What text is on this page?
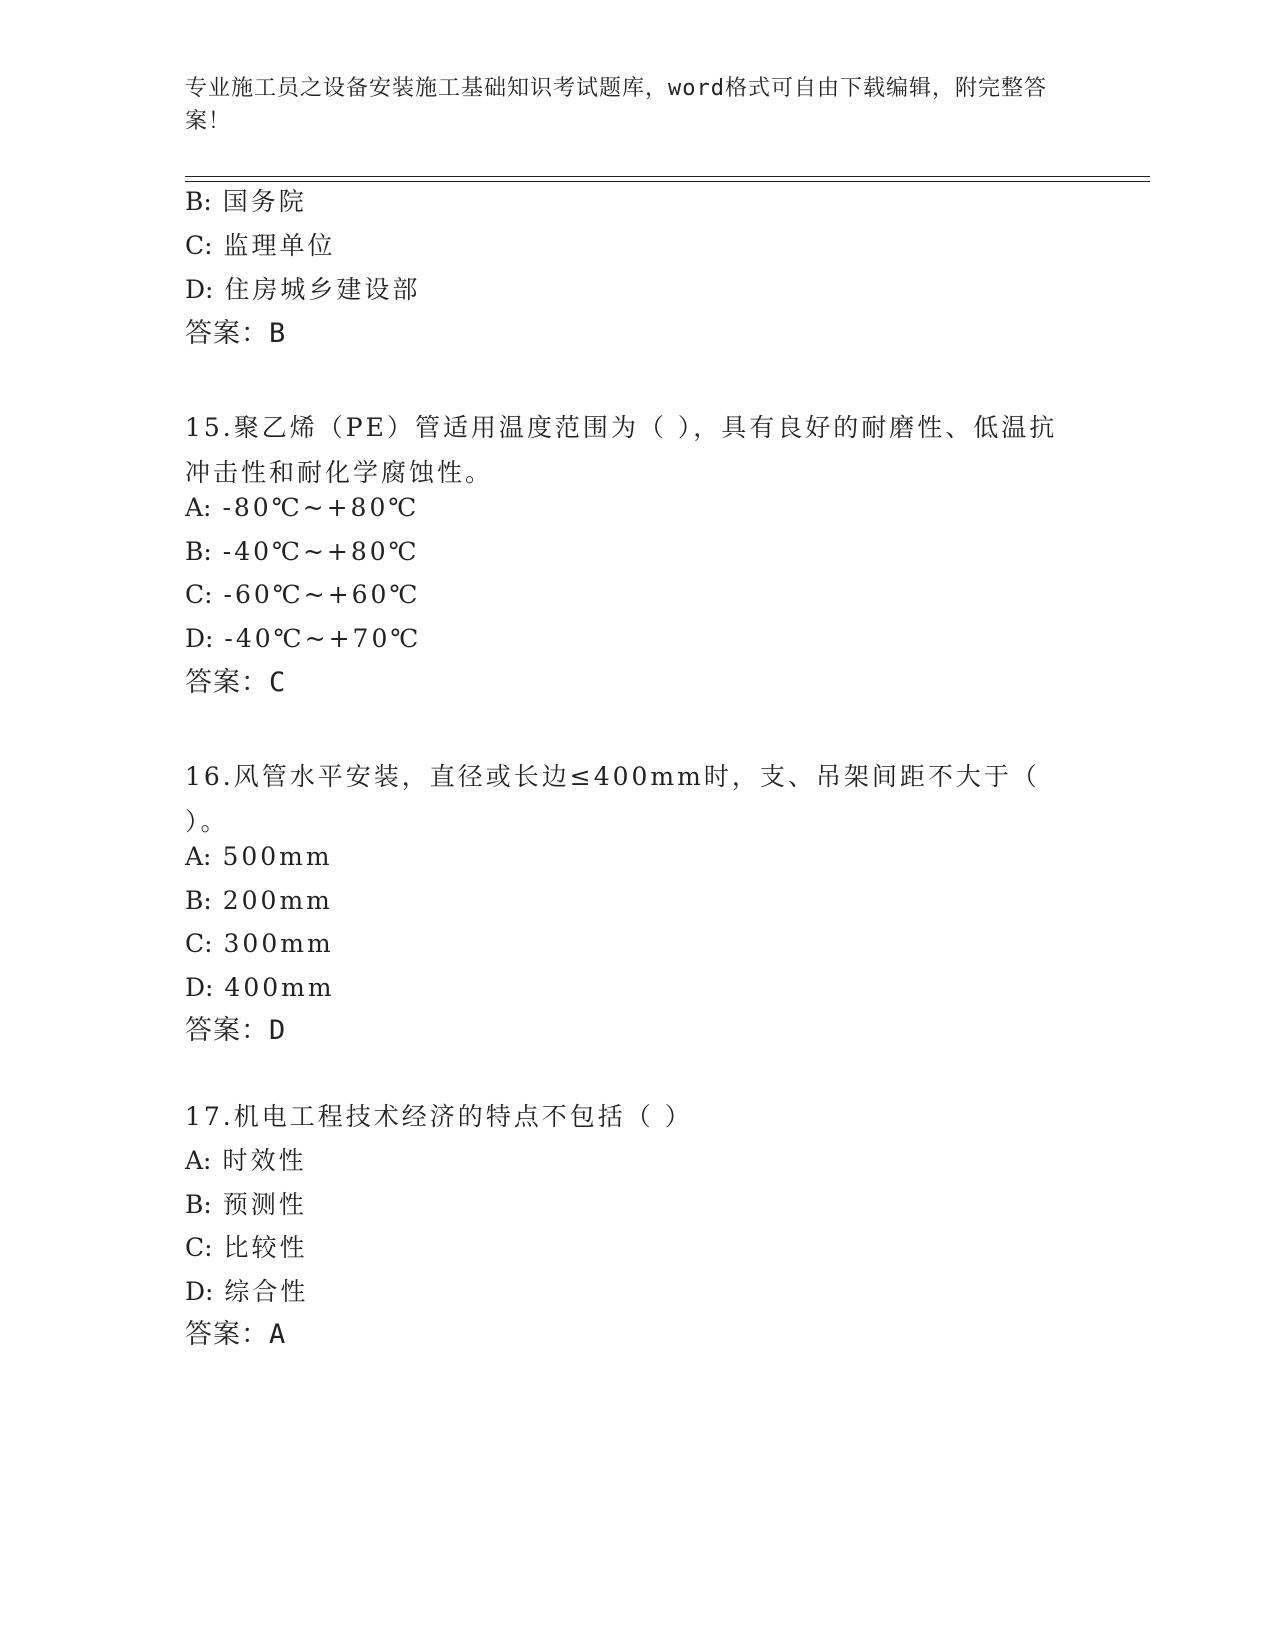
专业施工员之设备安装施工基础知识考试题库，word格式可自由下载编辑，附完整答案！
B: 国务院
C: 监理单位
D: 住房城乡建设部
答案：B
15.聚乙烯（PE）管适用温度范围为（ ），具有良好的耐磨性、低温抗冲击性和耐化学腐蚀性。
A: -80℃~+80℃
B: -40℃~+80℃
C: -60℃~+60℃
D: -40℃~+70℃
答案：C
16.风管水平安装，直径或长边≤400mm时，支、吊架间距不大于（ ）。
A: 500mm
B: 200mm
C: 300mm
D: 400mm
答案：D
17.机电工程技术经济的特点不包括（ ）
A: 时效性
B: 预测性
C: 比较性
D: 综合性
答案：A
